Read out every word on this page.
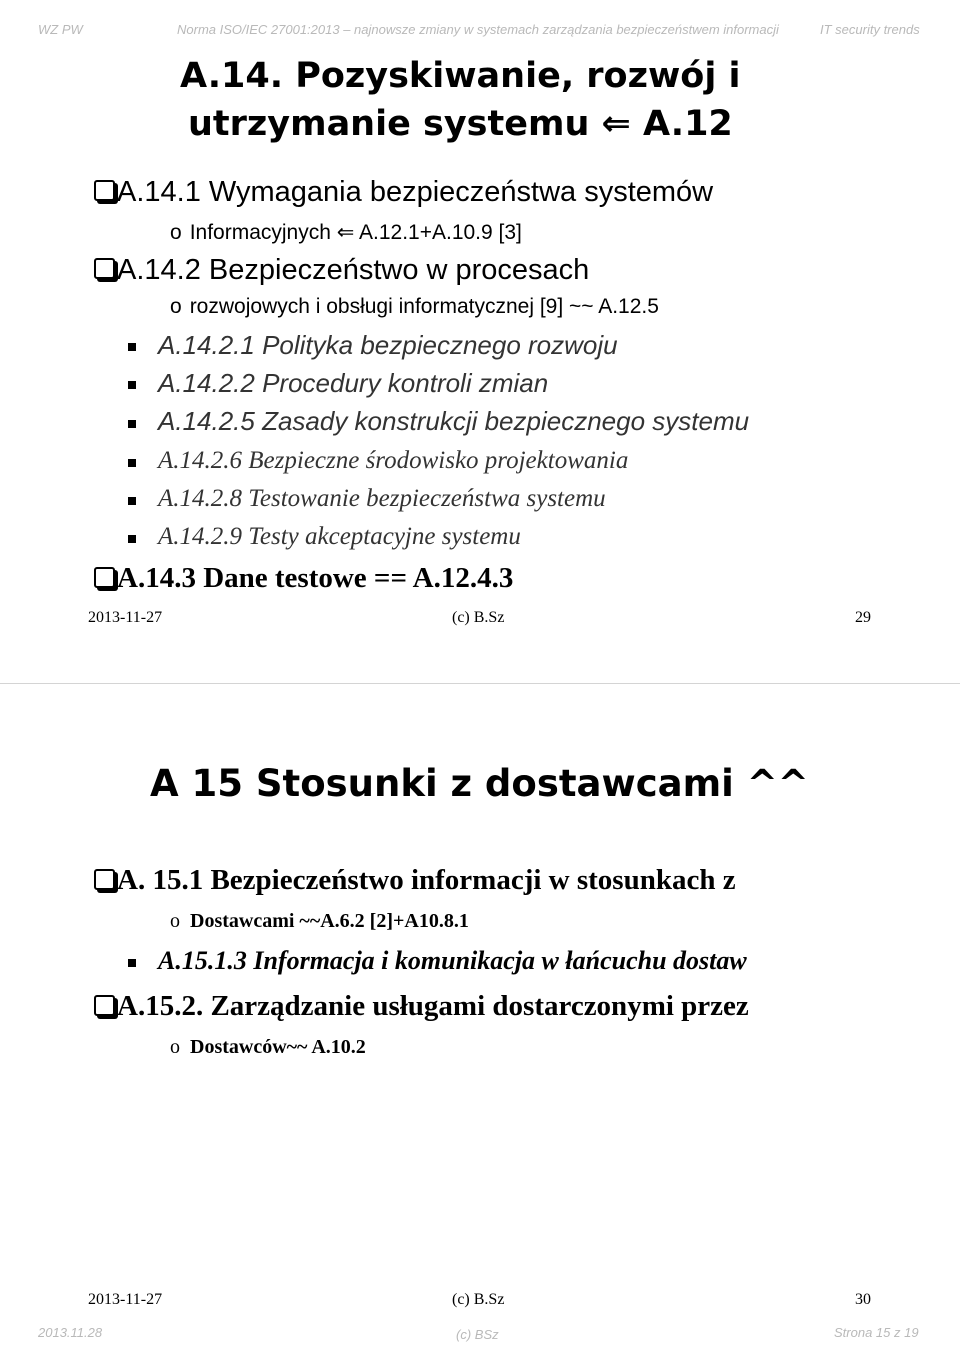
WZ PW	Norma ISO/IEC 27001:2013 – najnowsze zmiany w systemach zarządzania bezpieczeństwem informacji	IT security trends
A.14. Pozyskiwanie, rozwój i
utrzymanie systemu ⇐ A.12
A.14.1 Wymagania bezpieczeństwa systemów
o Informacyjnych ⇐ A.12.1+A.10.9 [3]
A.14.2 Bezpieczeństwo w procesach
o rozwojowych i obsługi informatycznej [9] ~~ A.12.5
A.14.2.1 Polityka bezpiecznego rozwoju
A.14.2.2 Procedury kontroli zmian
A.14.2.5 Zasady konstrukcji bezpiecznego systemu
A.14.2.6 Bezpieczne środowisko projektowania
A.14.2.8 Testowanie bezpieczeństwa systemu
A.14.2.9 Testy akceptacyjne systemu
A.14.3 Dane testowe == A.12.4.3
2013-11-27	(c) B.Sz	29
A 15 Stosunki z dostawcami ^^
A. 15.1 Bezpieczeństwo informacji w stosunkach z
o Dostawcami ~~A.6.2 [2]+A10.8.1
A.15.1.3 Informacja i komunikacja w łańcuchu dostaw
A.15.2. Zarządzanie usługami dostarczonymi przez
o Dostawców~~ A.10.2
2013-11-27	(c) B.Sz	30
2013.11.28	(c) BSz	Strona 15 z 19
